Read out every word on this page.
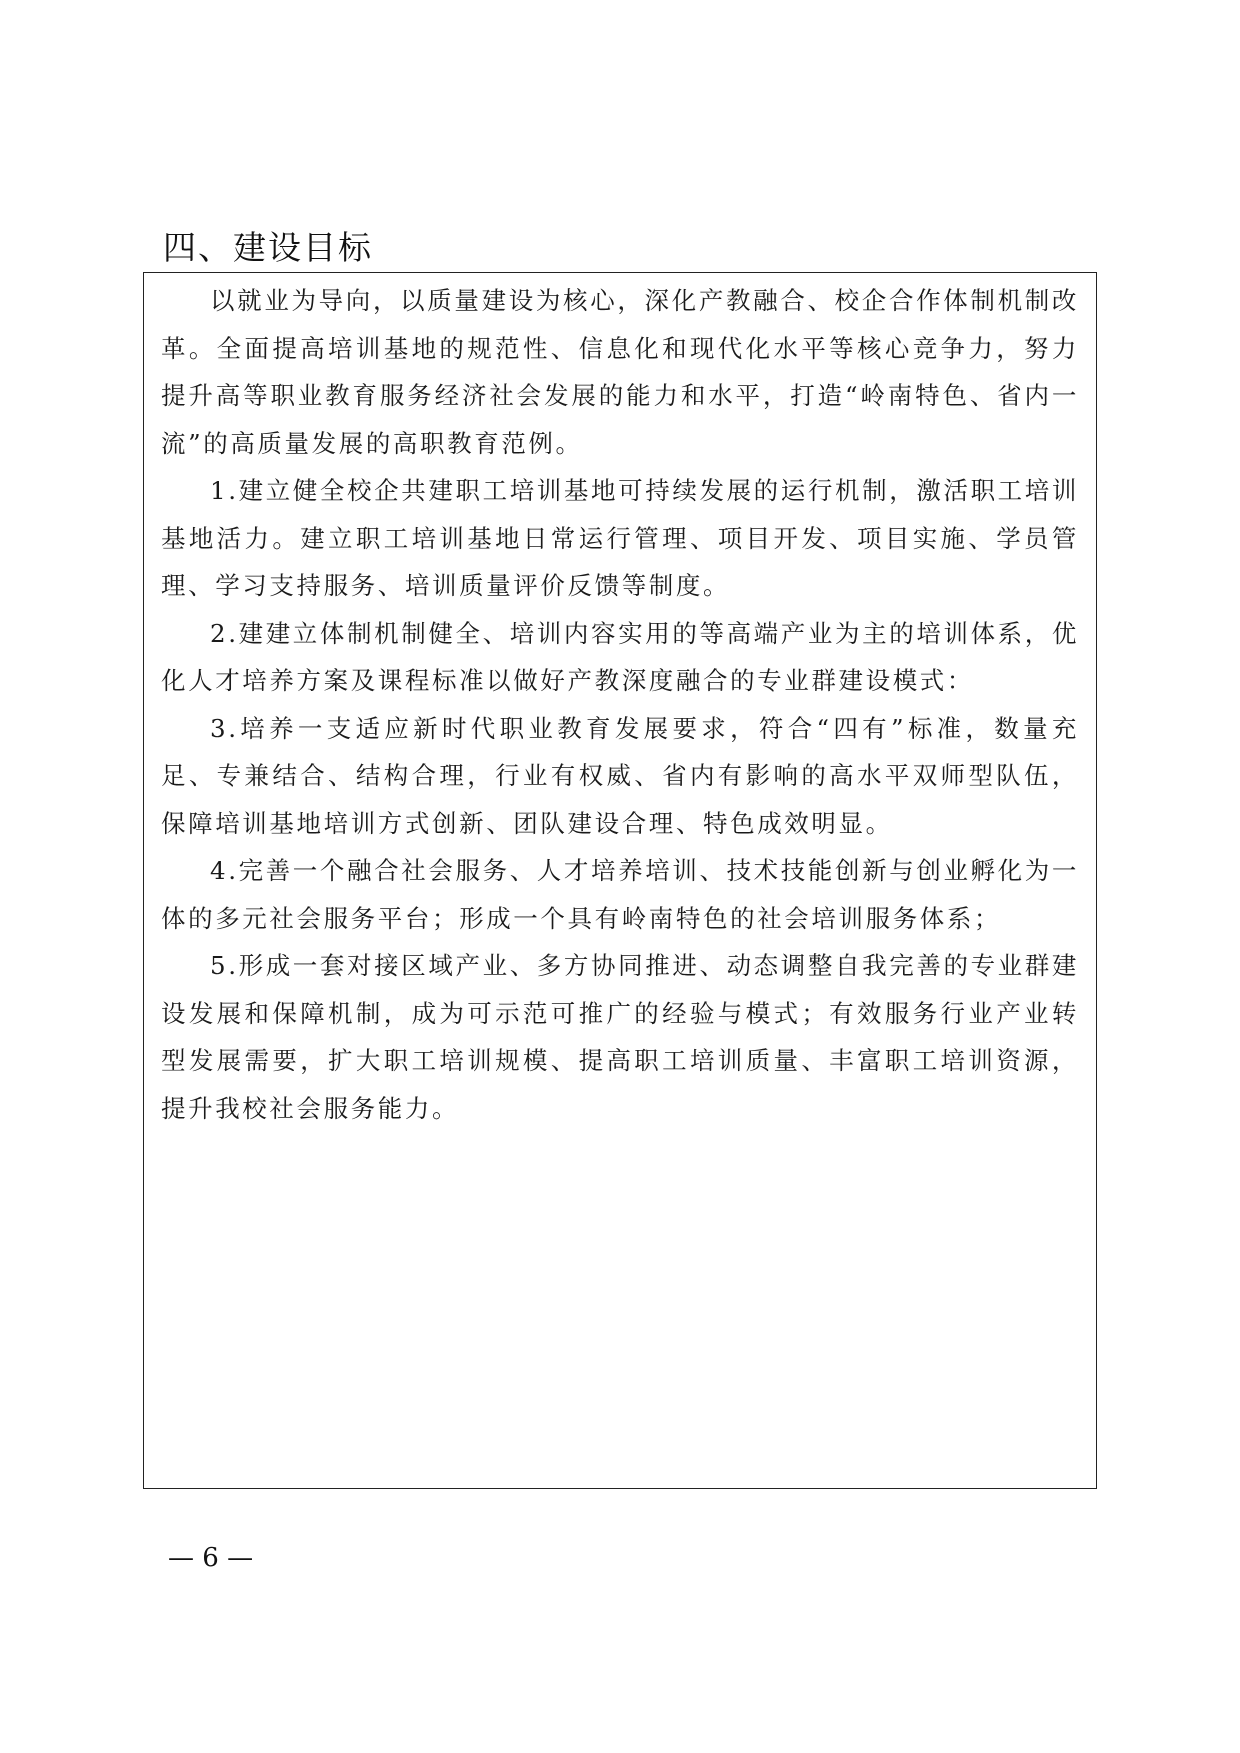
四、建设目标

以就业为导向，以质量建设为核心，深化产教融合、校企合作体制机制改革。全面提高培训基地的规范性、信息化和现代化水平等核心竞争力，努力提升高等职业教育服务经济社会发展的能力和水平，打造“岭南特色、省内一流”的高质量发展的高职教育范例。

1.建立健全校企共建职工培训基地可持续发展的运行机制，激活职工培训基地活力。建立职工培训基地日常运行管理、项目开发、项目实施、学员管理、学习支持服务、培训质量评价反馈等制度。

2.建建立体制机制健全、培训内容实用的等高端产业为主的培训体系，优化人才培养方案及课程标准以做好产教深度融合的专业群建设模式：

3.培养一支适应新时代职业教育发展要求，符合“四有”标准，数量充足、专兼结合、结构合理，行业有权威、省内有影响的高水平双师型队伍，保障培训基地培训方式创新、团队建设合理、特色成效明显。

4.完善一个融合社会服务、人才培养培训、技术技能创新与创业孵化为一体的多元社会服务平台；形成一个具有岭南特色的社会培训服务体系；

5.形成一套对接区域产业、多方协同推进、动态调整自我完善的专业群建设发展和保障机制，成为可示范可推广的经验与模式；有效服务行业产业转型发展需要，扩大职工培训规模、提高职工培训质量、丰富职工培训资源，提升我校社会服务能力。

— 6 —
